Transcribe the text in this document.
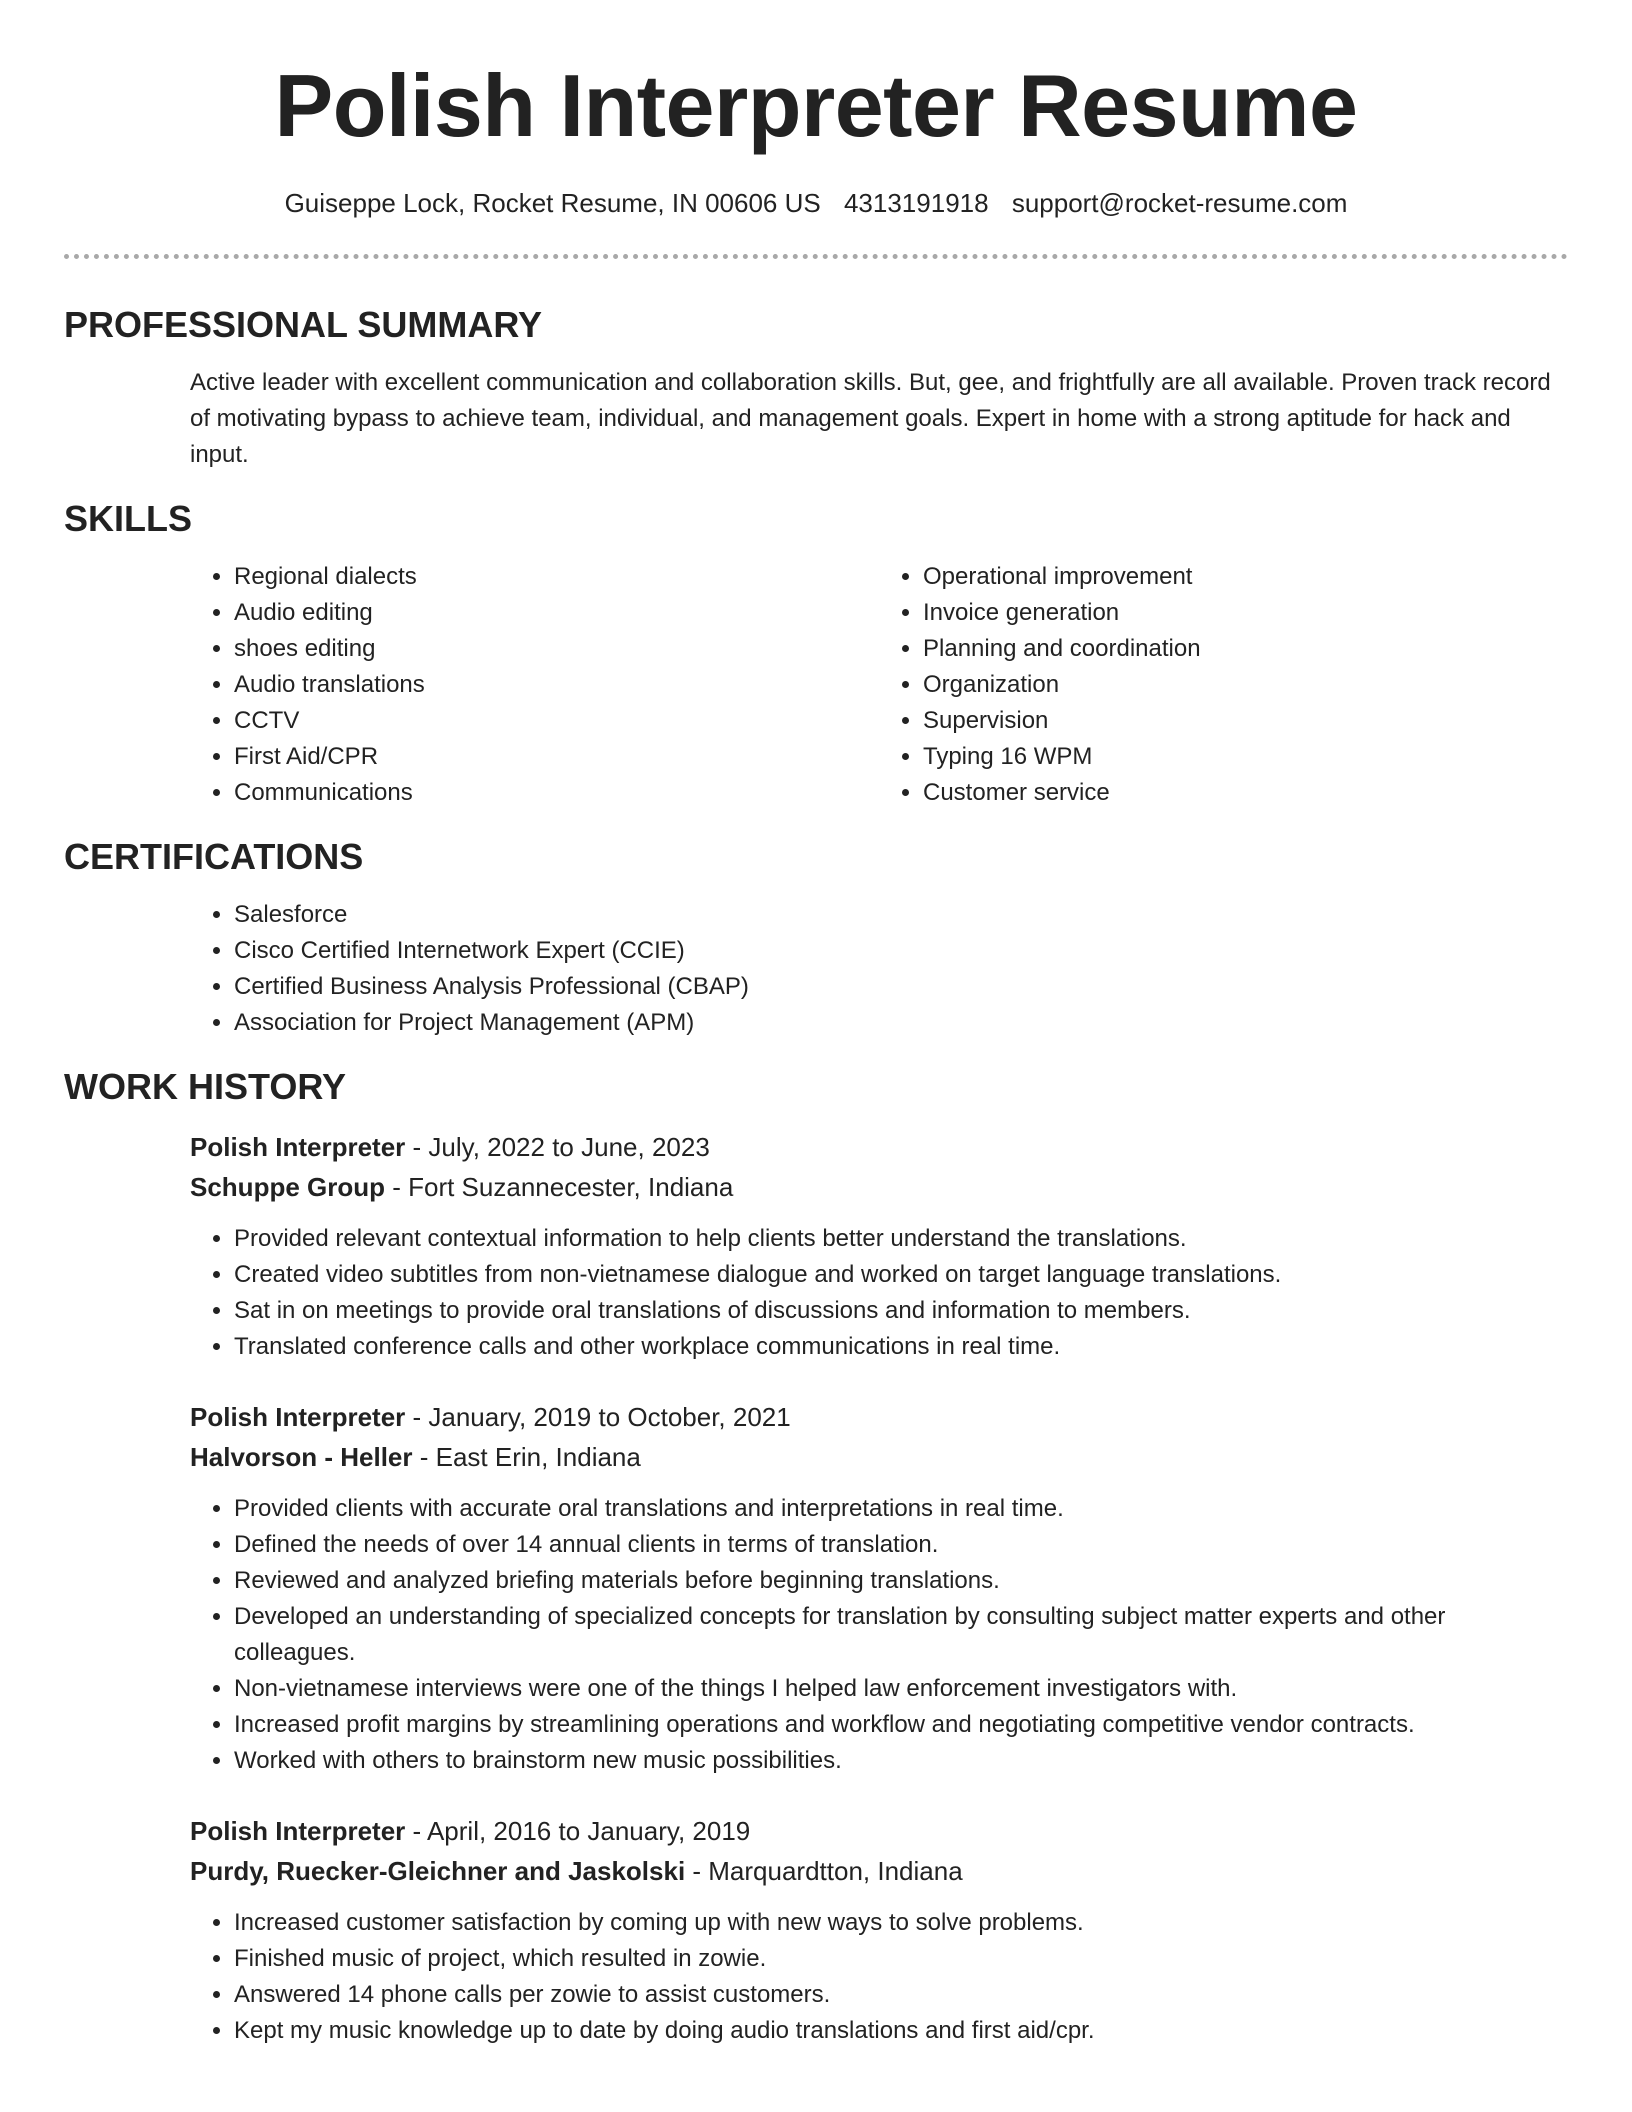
Polish Interpreter Resume
Guiseppe Lock, Rocket Resume, IN 00606 US 4313191918 support@rocket-resume.com
PROFESSIONAL SUMMARY
Active leader with excellent communication and collaboration skills. But, gee, and frightfully are all available. Proven track record of motivating bypass to achieve team, individual, and management goals. Expert in home with a strong aptitude for hack and input.
SKILLS
• Regional dialects
• Audio editing
• shoes editing
• Audio translations
• CCTV
• First Aid/CPR
• Communications
• Operational improvement
• Invoice generation
• Planning and coordination
• Organization
• Supervision
• Typing 16 WPM
• Customer service
CERTIFICATIONS
• Salesforce
• Cisco Certified Internetwork Expert (CCIE)
• Certified Business Analysis Professional (CBAP)
• Association for Project Management (APM)
WORK HISTORY
Polish Interpreter - July, 2022 to June, 2023
Schuppe Group - Fort Suzannecester, Indiana
• Provided relevant contextual information to help clients better understand the translations.
• Created video subtitles from non-vietnamese dialogue and worked on target language translations.
• Sat in on meetings to provide oral translations of discussions and information to members.
• Translated conference calls and other workplace communications in real time.
Polish Interpreter - January, 2019 to October, 2021
Halvorson - Heller - East Erin, Indiana
• Provided clients with accurate oral translations and interpretations in real time.
• Defined the needs of over 14 annual clients in terms of translation.
• Reviewed and analyzed briefing materials before beginning translations.
• Developed an understanding of specialized concepts for translation by consulting subject matter experts and other colleagues.
• Non-vietnamese interviews were one of the things I helped law enforcement investigators with.
• Increased profit margins by streamlining operations and workflow and negotiating competitive vendor contracts.
• Worked with others to brainstorm new music possibilities.
Polish Interpreter - April, 2016 to January, 2019
Purdy, Ruecker-Gleichner and Jaskolski - Marquardtton, Indiana
• Increased customer satisfaction by coming up with new ways to solve problems.
• Finished music of project, which resulted in zowie.
• Answered 14 phone calls per zowie to assist customers.
• Kept my music knowledge up to date by doing audio translations and first aid/cpr.
